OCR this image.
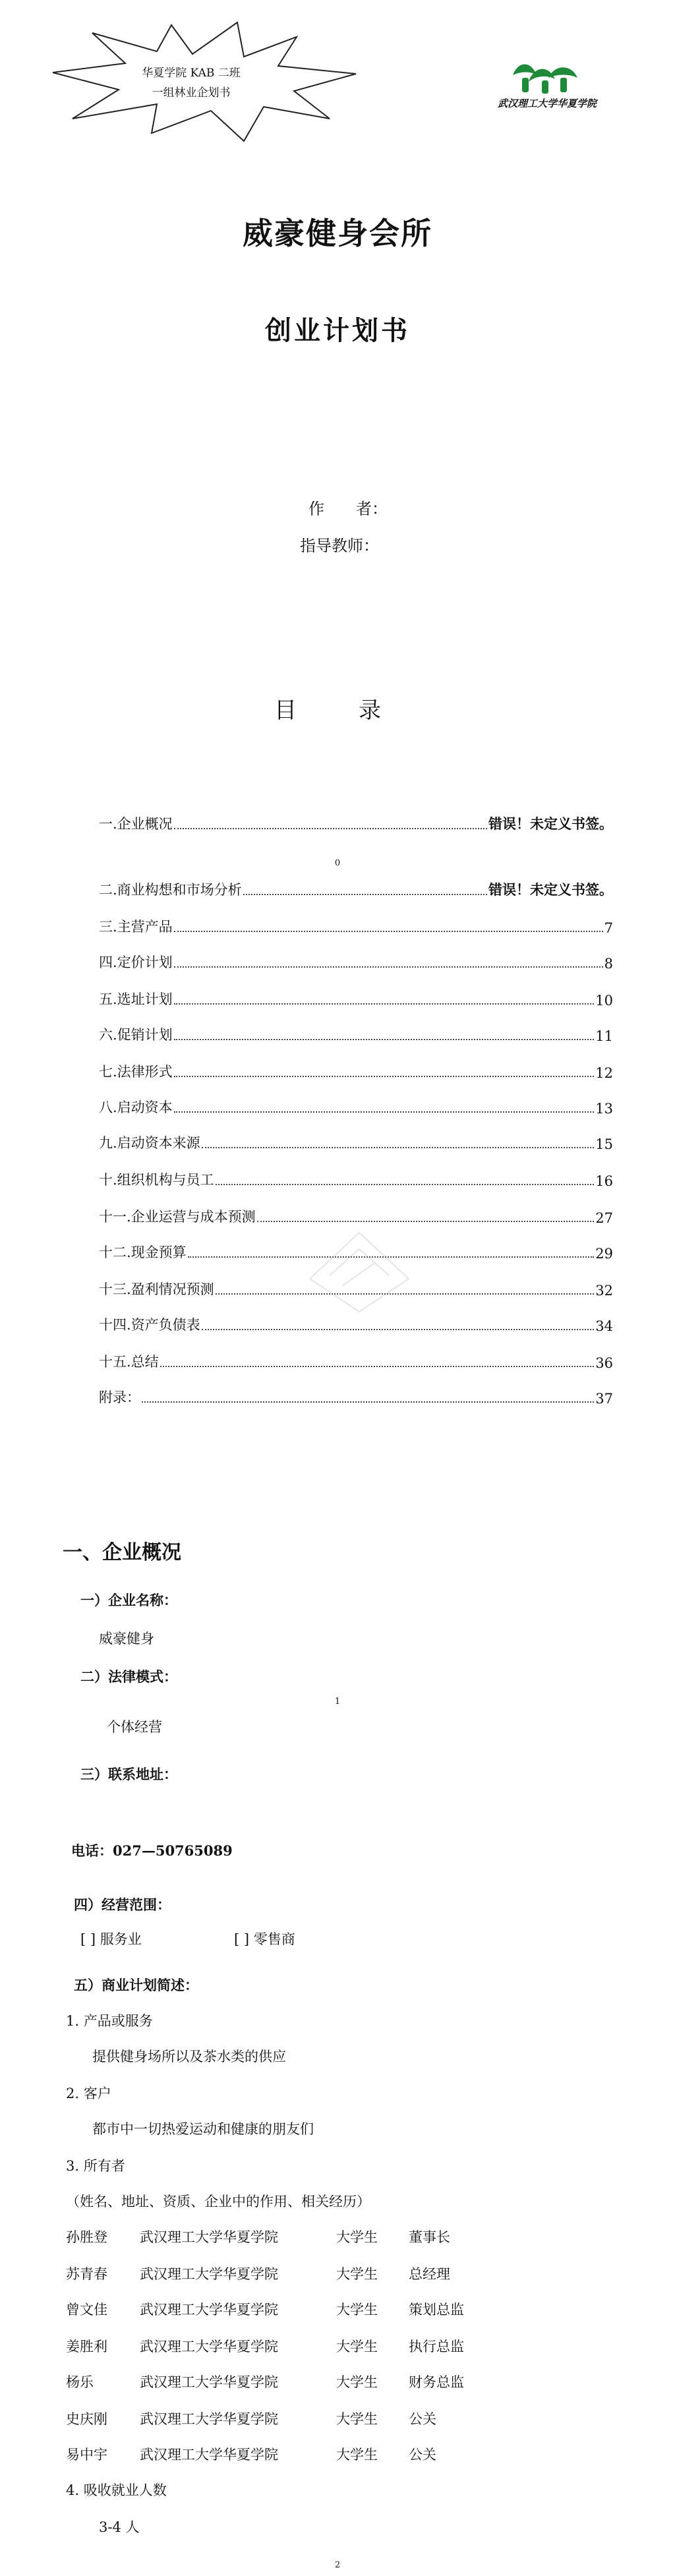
华夏学院 KAB 二班
一组林业企划书
武汉理工大学华夏学院
威豪健身会所
创业计划书
作　　者：
指导教师：
目　录
一.企业概况	错误！未定义书签。
0
二.商业构想和市场分析	错误！未定义书签。
三.主营产品	7
四.定价计划	8
五.选址计划	10
六.促销计划	11
七.法律形式	12
八.启动资本	13
九.启动资本来源	15
十.组织机构与员工	16
十一.企业运营与成本预测	27
十二.现金预算	29
十三.盈利情况预测	32
十四.资产负债表	34
十五.总结	36
附录：	37
一、企业概况
一）企业名称：
威豪健身
二）法律模式：
1
个体经营
三）联系地址：
电话：027—50765089
四）经营范围：
[ ] 服务业	[ ] 零售商
五）商业计划简述：
1. 产品或服务
提供健身场所以及茶水类的供应
2. 客户
都市中一切热爱运动和健康的朋友们
3. 所有者
（姓名、地址、资质、企业中的作用、相关经历）
孙胜登 武汉理工大学华夏学院	大学生 董事长
苏青春 武汉理工大学华夏学院	大学生 总经理
曾文佳 武汉理工大学华夏学院	大学生 策划总监
姜胜利 武汉理工大学华夏学院	大学生 执行总监
杨乐	武汉理工大学华夏学院	大学生 财务总监
史庆刚 武汉理工大学华夏学院	大学生 公关
易中宇 武汉理工大学华夏学院	大学生 公关
4. 吸收就业人数
3-4 人
2
